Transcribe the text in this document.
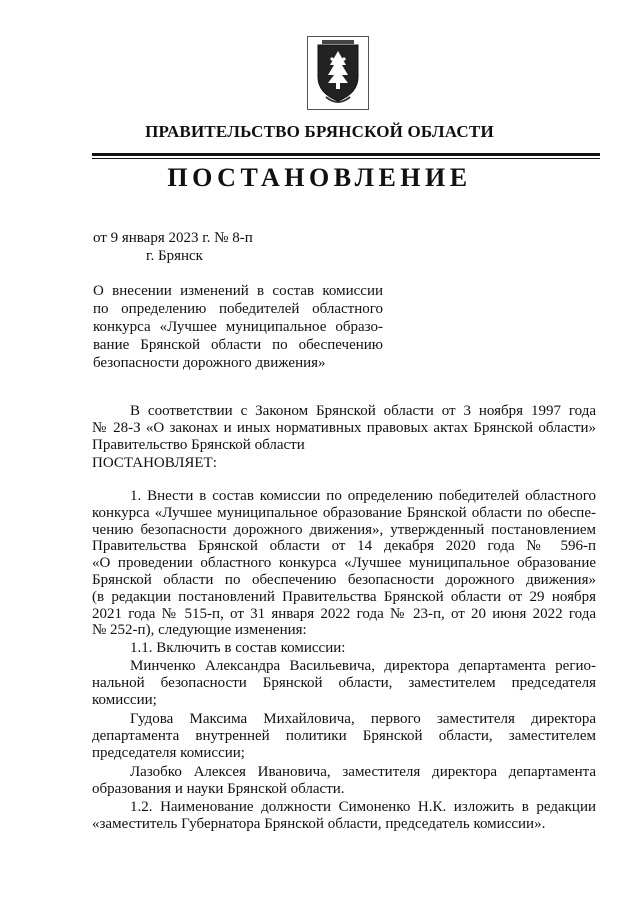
ПРАВИТЕЛЬСТВО БРЯНСКОЙ ОБЛАСТИ
ПОСТАНОВЛЕНИЕ
от 9 января 2023 г. № 8-п
г. Брянск
О внесении изменений в состав комиссии
по определению победителей областного
конкурса «Лучшее муниципальное образо-
вание Брянской области по обеспечению
безопасности дорожного движения»
В соответствии с Законом Брянской области от 3 ноября 1997 года
№ 28-З «О законах и иных нормативных правовых актах Брянской области»
Правительство Брянской области
ПОСТАНОВЛЯЕТ:
1. Внести в состав комиссии по определению победителей областного
конкурса «Лучшее муниципальное образование Брянской области по обеспе-
чению безопасности дорожного движения», утвержденный постановлением
Правительства Брянской области от 14 декабря 2020 года № 596-п
«О проведении областного конкурса «Лучшее муниципальное образование
Брянской области по обеспечению безопасности дорожного движения»
(в редакции постановлений Правительства Брянской области от 29 ноября
2021 года № 515-п, от 31 января 2022 года № 23-п, от 20 июня 2022 года
№ 252-п), следующие изменения:
1.1. Включить в состав комиссии:
Минченко Александра Васильевича, директора департамента регио-
нальной безопасности Брянской области, заместителем председателя
комиссии;
Гудова Максима Михайловича, первого заместителя директора
департамента внутренней политики Брянской области, заместителем
председателя комиссии;
Лазобко Алексея Ивановича, заместителя директора департамента
образования и науки Брянской области.
1.2. Наименование должности Симоненко Н.К. изложить в редакции
«заместитель Губернатора Брянской области, председатель комиссии».
